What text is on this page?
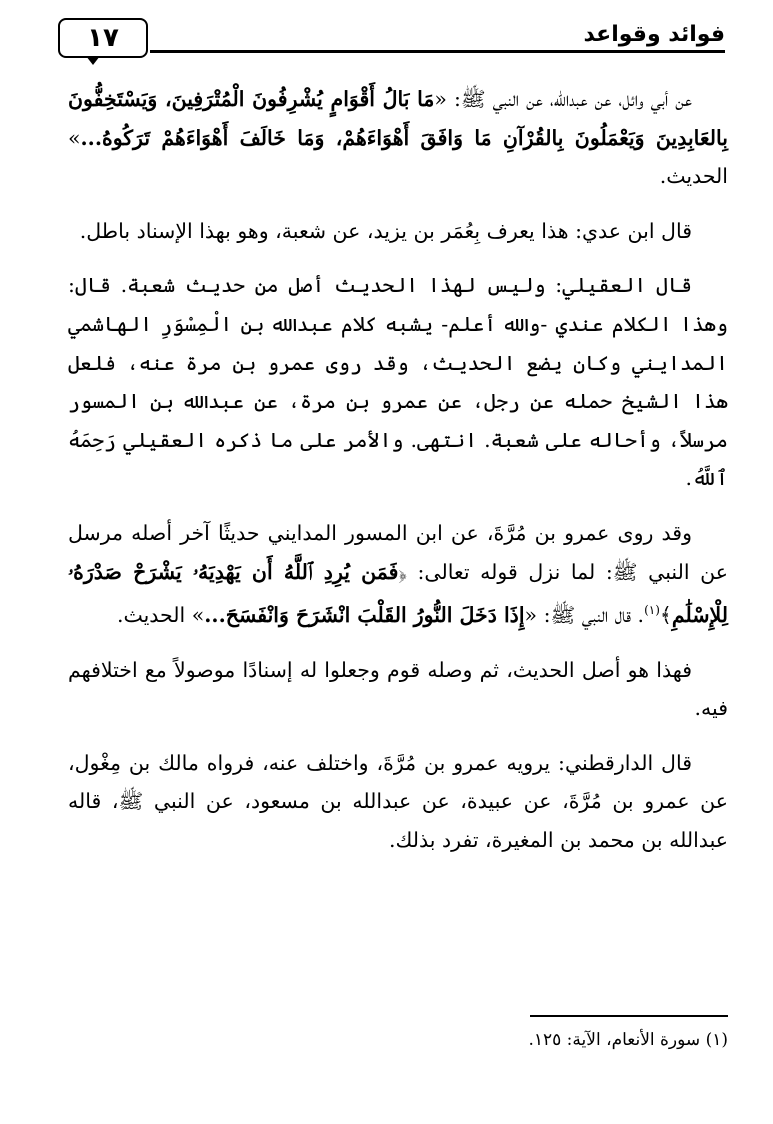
فوائد وقواعد
١٧

عن أبي وائل، عن عبدالله، عن النبي ﷺ: «مَا بَالُ أَقْوَامٍ يُشْرِفُونَ الْمُتْرَفِينَ، وَيَسْتَخِفُّونَ بِالعَابِدِينَ وَيَعْمَلُونَ بِالقُرْآنِ مَا وَافَقَ أَهْوَاءَهُمْ، وَمَا خَالَفَ أَهْوَاءَهُمْ تَرَكُوهُ...» الحديث.

قال ابن عدي: هذا يعرف بِعُمَر بن يزيد، عن شعبة، وهو بهذا الإسناد باطل.

قال العقيلي: وليس لهذا الحديث أصل من حديث شعبة. قال: وهذا الكلام عندي -والله أعلم- يشبه كلام عبدالله بن الْمِسْوَرِ الهاشمي المدايني وكان يضع الحديث، وقد روى عمرو بن مرة عنه، فلعل هذا الشيخ حمله عن رجل، عن عمرو بن مرة، عن عبدالله بن المسور مرسلاً، وأحاله على شعبة. انتهى. والأمر على ما ذكره العقيلي رَحِمَهُ ٱللَّهُ.

وقد روى عمرو بن مُرَّةَ، عن ابن المسور المدايني حديثًا آخر أصله مرسل عن النبي ﷺ: لما نزل قوله تعالى: ﴿فَمَن يُرِدِ ٱللَّهُ أَن يَهْدِيَهُۥ يَشْرَحْ صَدْرَهُۥ لِلْإِسْلَٰمِ﴾$^{(١)}$. قال النبي ﷺ: «إِذَا دَخَلَ النُّورُ القَلْبَ انْشَرَحَ وَانْفَسَحَ...» الحديث.

فهذا هو أصل الحديث، ثم وصله قوم وجعلوا له إسنادًا موصولاً مع اختلافهم فيه.

قال الدارقطني: يرويه عمرو بن مُرَّةَ، واختلف عنه، فرواه مالك بن مِغْول، عن عمرو بن مُرَّةَ، عن عبيدة، عن عبدالله بن مسعود، عن النبي ﷺ، قاله عبدالله بن محمد بن المغيرة، تفرد بذلك.

(١) سورة الأنعام، الآية: ١٢٥.
